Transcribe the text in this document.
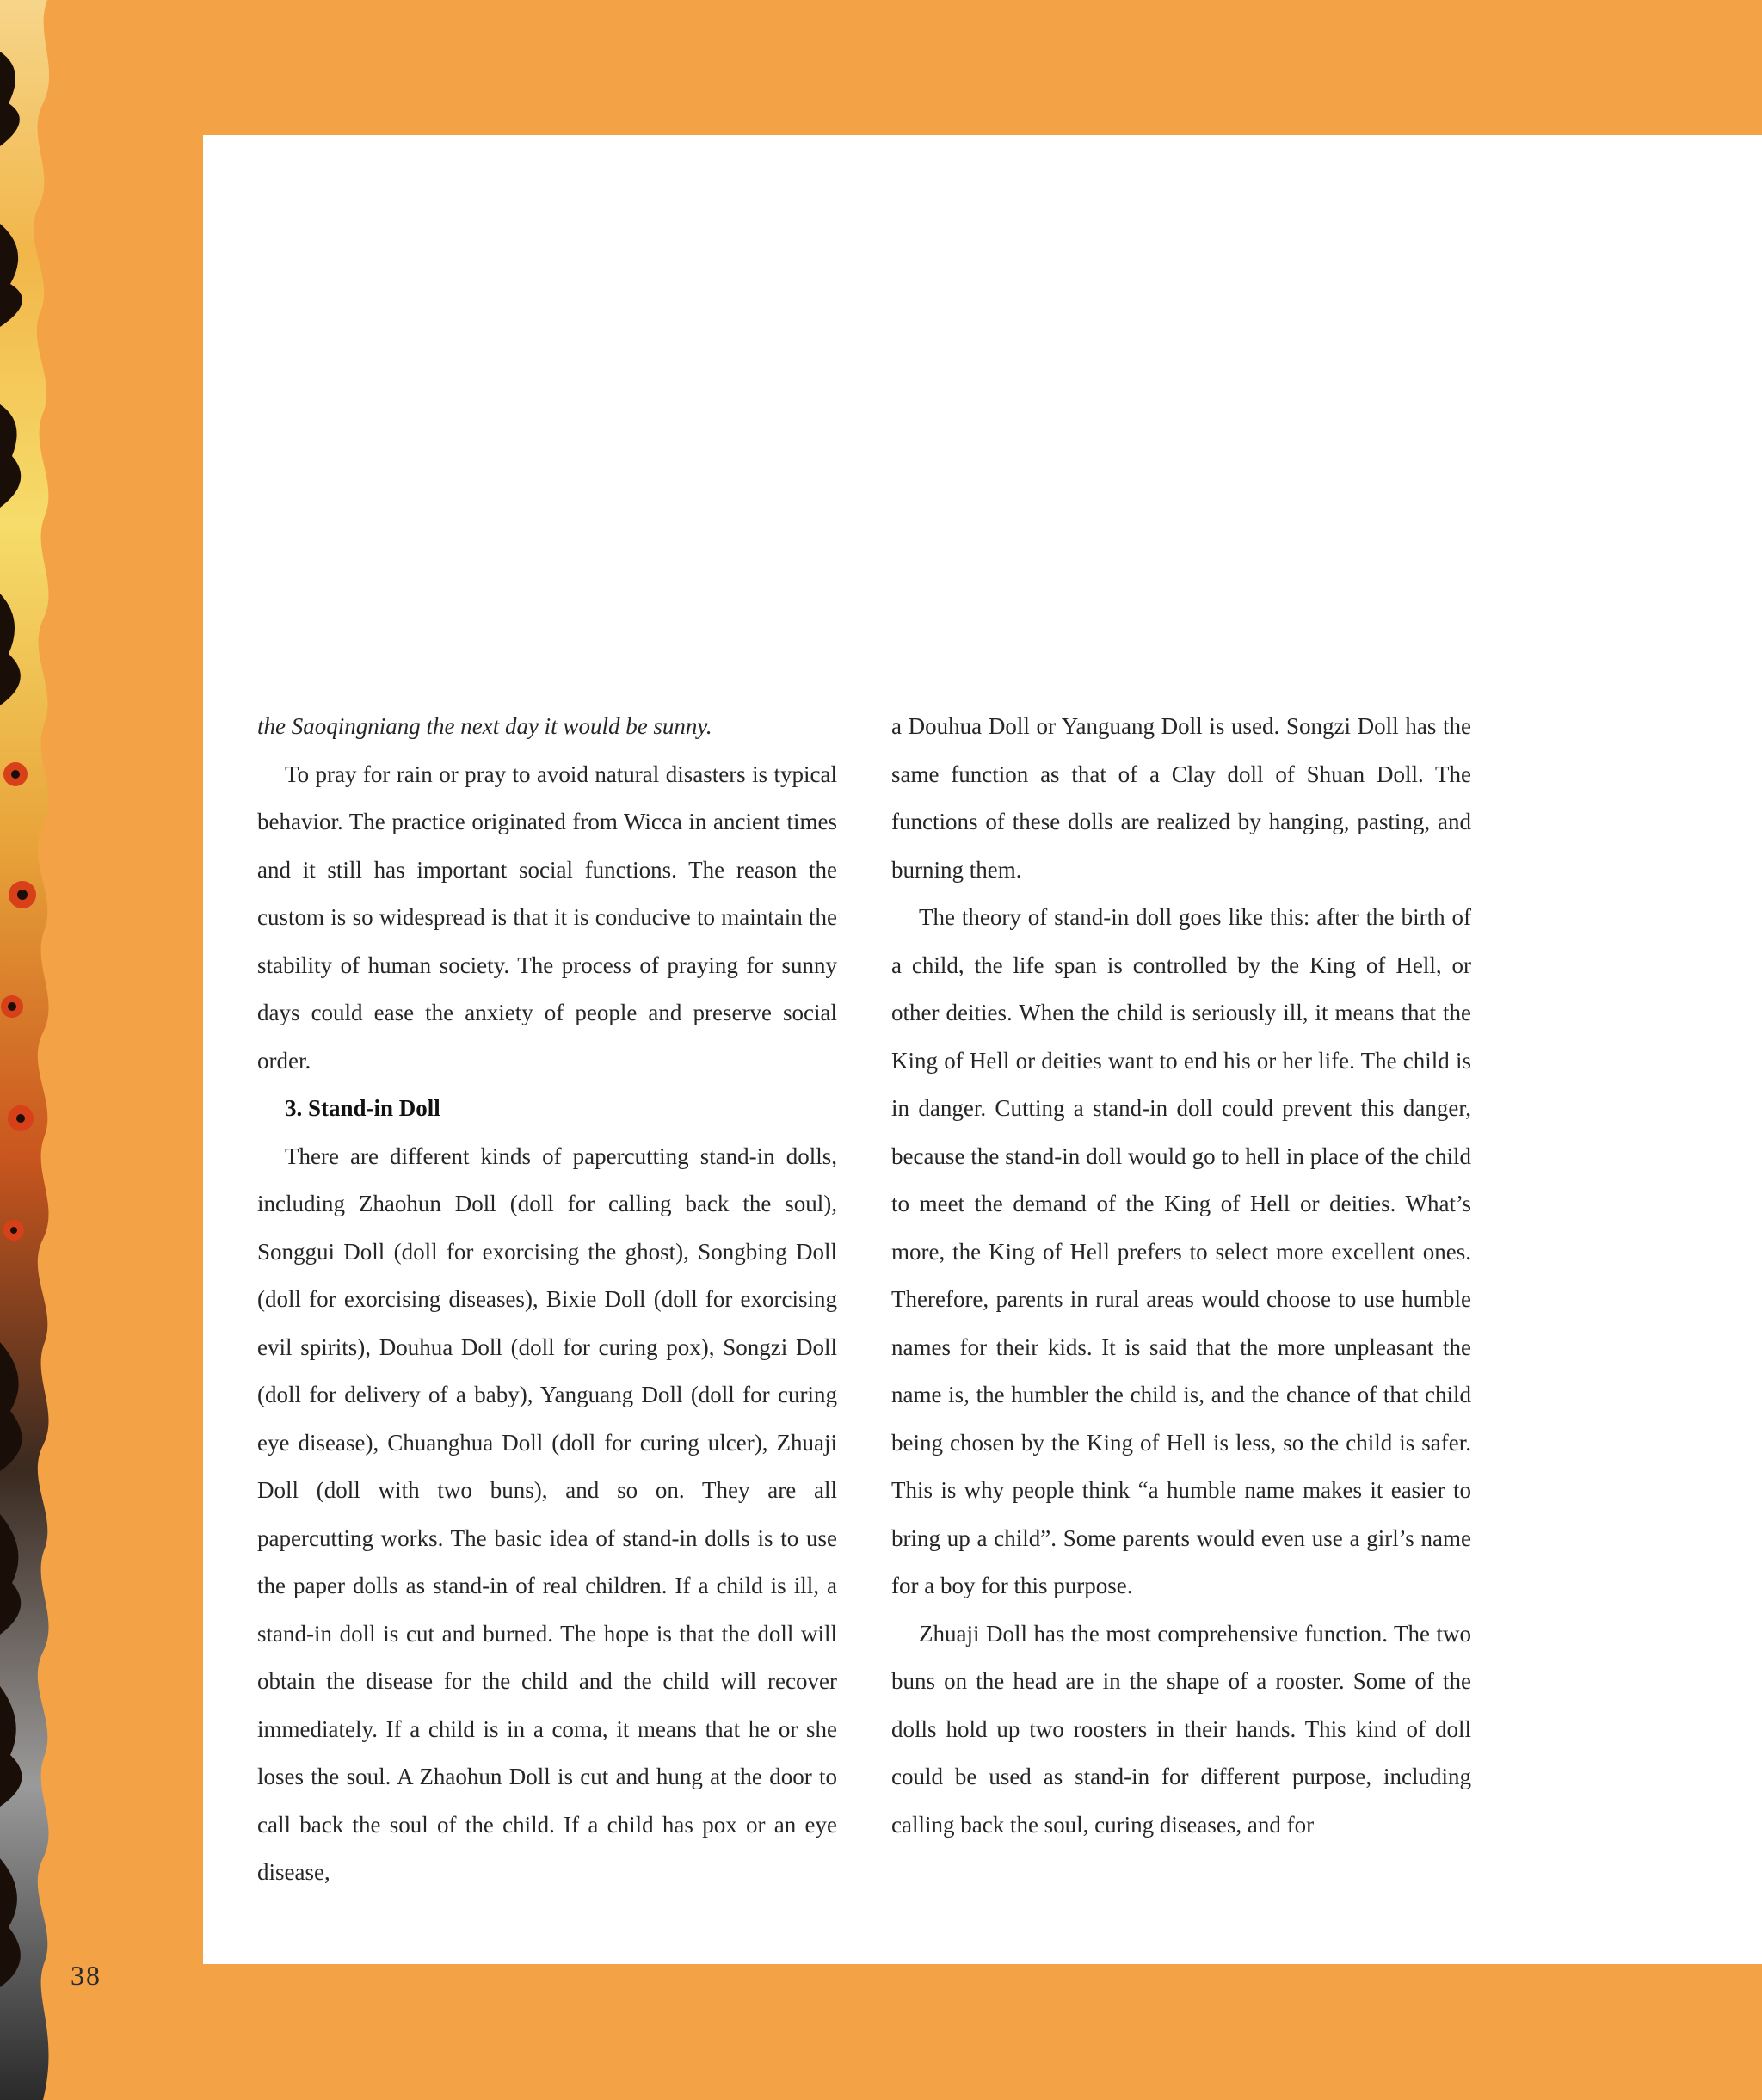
the Saoqingniang the next day it would be sunny.

To pray for rain or pray to avoid natural disasters is typical behavior. The practice originated from Wicca in ancient times and it still has important social functions. The reason the custom is so widespread is that it is conducive to maintain the stability of human society. The process of praying for sunny days could ease the anxiety of people and preserve social order.

3. Stand-in Doll

There are different kinds of papercutting stand-in dolls, including Zhaohun Doll (doll for calling back the soul), Songgui Doll (doll for exorcising the ghost), Songbing Doll (doll for exorcising diseases), Bixie Doll (doll for exorcising evil spirits), Douhua Doll (doll for curing pox), Songzi Doll (doll for delivery of a baby), Yanguang Doll (doll for curing eye disease), Chuanghua Doll (doll for curing ulcer), Zhuaji Doll (doll with two buns), and so on. They are all papercutting works. The basic idea of stand-in dolls is to use the paper dolls as stand-in of real children. If a child is ill, a stand-in doll is cut and burned. The hope is that the doll will obtain the disease for the child and the child will recover immediately. If a child is in a coma, it means that he or she loses the soul. A Zhaohun Doll is cut and hung at the door to call back the soul of the child. If a child has pox or an eye disease,

a Douhua Doll or Yanguang Doll is used. Songzi Doll has the same function as that of a Clay doll of Shuan Doll. The functions of these dolls are realized by hanging, pasting, and burning them.

The theory of stand-in doll goes like this: after the birth of a child, the life span is controlled by the King of Hell, or other deities. When the child is seriously ill, it means that the King of Hell or deities want to end his or her life. The child is in danger. Cutting a stand-in doll could prevent this danger, because the stand-in doll would go to hell in place of the child to meet the demand of the King of Hell or deities. What’s more, the King of Hell prefers to select more excellent ones. Therefore, parents in rural areas would choose to use humble names for their kids. It is said that the more unpleasant the name is, the humbler the child is, and the chance of that child being chosen by the King of Hell is less, so the child is safer. This is why people think “a humble name makes it easier to bring up a child”. Some parents would even use a girl’s name for a boy for this purpose.

Zhuaji Doll has the most comprehensive function. The two buns on the head are in the shape of a rooster. Some of the dolls hold up two roosters in their hands. This kind of doll could be used as stand-in for different purpose, including calling back the soul, curing diseases, and for

38
